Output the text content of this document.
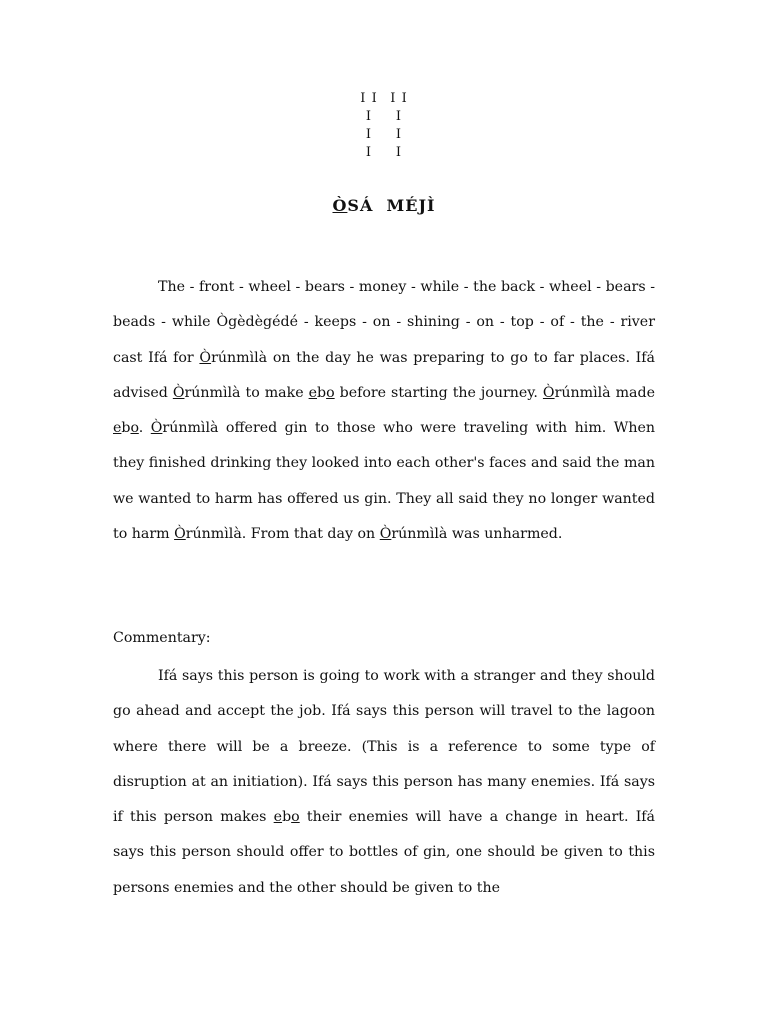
I I I I
I I
I I
I I
ÒSÁ  MÉJÌ
The - front - wheel - bears - money - while - the back - wheel - bears - beads - while Ògèdègédé - keeps - on - shining - on - top - of - the - river cast Ifá for Òrúnmìlà on the day he was preparing to go to far places. Ifá advised Òrúnmìlà to make ebo before starting the journey. Òrúnmìlà made ebo. Òrúnmìlà offered gin to those who were traveling with him. When they finished drinking they looked into each other's faces and said the man we wanted to harm has offered us gin. They all said they no longer wanted to harm Òrúnmìlà. From that day on Òrúnmìlà was unharmed.
Commentary:
Ifá says this person is going to work with a stranger and they should go ahead and accept the job. Ifá says this person will travel to the lagoon where there will be a breeze. (This is a reference to some type of disruption at an initiation). Ifá says this person has many enemies. Ifá says if this person makes ebo their enemies will have a change in heart. Ifá says this person should offer to bottles of gin, one should be given to this persons enemies and the other should be given to the
